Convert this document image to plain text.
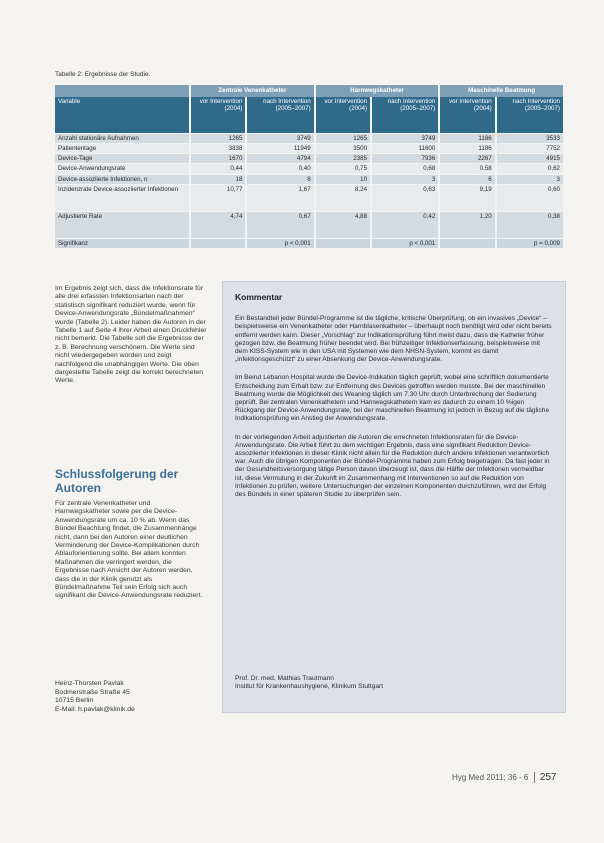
Tabelle 2: Ergebnisse der Studie.
	Zentrale Venenkatheter		Harnwegskatheter		Maschinelle Beatmung	
Variable	vor Intervention (2004)	nach Intervention (2005–2007)	vor Intervention (2004)	nach Intervention (2005–2007)	vor Intervention (2004)	nach Intervention (2005–2007)
Anzahl stationäre Aufnahmen	1265	3749	1265	3749	1186	3533
Patiententage	3838	11949	3500	11600	1186	7752
Device-Tage	1670	4794	2385	7936	2267	4915
Device-Anwendungsrate	0,44	0,40	0,75	0,68	0,58	0,62
Device-assoziierte Infektionen, n	18	8	10	3	6	3
Inzidenzrate Device-assoziierter Infektionen	10,77	1,67	8,24	0,63	9,19	0,60
Adjustierte Rate	4,74	0,67	4,88	0,42	1,20	0,38
Signifikanz		p < 0,001		p < 0,001		p = 0,009

Im Ergebnis zeigt sich, dass die Infektionsrate für alle drei erfassten Infektionsarten nach der statistisch signifikant reduziert wurde, wenn für Device-Anwendungsrate „Bündelmaßnahmen“ wurde (Tabelle 2). Leider haben die Autoren in der Tabelle 1 auf Seite 4 ihrer Arbeit einen Druckfehler nicht bemerkt. Die Tabelle soll die Ergebnisse der z. B. Berechnung verschönern. Die Werte sind nicht wiedergegeben worden und zeigt nachfolgend die unabhängigen Werte. Die oben dargestellte Tabelle zeigt die korrekt berechneten Werte.

Schlussfolgerung der Autoren

Für zentrale Venenkatheter und Harnwegskatheter sowie per die Device-Anwendungsrate um ca. 10 % ab. Wenn das Bündel Beachtung findet, die Zusammenhänge nicht, dann bei den Autoren einer deutlichen Verminderung der Device-Komplikationen durch Ablauforientierung sollte. Bei allem konnten Maßnahmen die verringert werden, die Ergebnisse nach Ansicht der Autoren werden, dass die in der Klinik genutzt als Bündelmaßnahme Teil sein Erfolg sich auch signifikant die Device-Anwendungsrate reduziert.

Heinz-Thorsten Pavlak
Bodmerstraße Straße 45
10715 Berlin
E-Mail: h.pavlak@klinik.de
Kommentar

Ein Bestandteil jeder Bündel-Programme ist die tägliche, kritische Überprüfung, ob ein invasives „Device“ – beispielsweise ein Venenkatheter oder Harnblasenkatheter – überhaupt noch benötigt wird oder nicht bereits entfernt werden kann. Dieser „Vorschlag“ zur Indikationsprüfung führt meist dazu, dass die Katheter früher gezogen bzw. die Beatmung früher beendet wird. Bei frühzeitiger Infektionserfassung, beispielsweise mit dem KISS-System wie in den USA mit Systemen wie dem NHSN-System, kommt es damit „infektionsgeschützt“ zu einer Absenkung der Device-Anwendungsrate.

Im Beirut Lebanon Hospital wurde die Device-Indikation täglich geprüft, wobei eine schriftlich dokumentierte Entscheidung zum Erhalt bzw. zur Entfernung des Devices getroffen werden musste. Bei der maschinellen Beatmung wurde die Möglichkeit des Weaning täglich um 7.30 Uhr durch Unterbrechung der Sedierung geprüft. Bei zentralen Venenkathetern und Harnwegskathetern kam es dadurch zu einem 10 %igen Rückgang der Device-Anwendungsrate, bei der maschinellen Beatmung ist jedoch in Bezug auf die tägliche Indikationsprüfung ein Anstieg der Anwendungsrate.

In der vorliegenden Arbeit adjustierten die Autoren die errechneten Infektionsraten für die Device-Anwendungsrate. Die Arbeit führt zu dem wichtigen Ergebnis, dass eine signifikant Reduktion Device-assoziierter Infektionen in dieser Klinik nicht allein für die Reduktion durch andere Infektionen verantwortlich war. Auch die übrigen Komponenten der Bündel-Programme haben zum Erfolg beigetragen. Da fast jeder in der Gesundheitsversorgung tätige Person davon überzeugt ist, dass die Hälfte der Infektionen vermeidbar ist, diese Vermutung in der Zukunft im Zusammenhang mit Interventionen so auf die Reduktion von Infektionen zu prüfen, weitere Untersuchungen der einzelnen Komponenten durchzuführen, wird der Erfolg des Bündels in einer späteren Studie zu überprüfen sein.

Prof. Dr. med. Mathias Trautmann
Institut für Krankenhaushygiene, Klinikum Stuttgart
Hyg Med 2011; 36 - 6 257
